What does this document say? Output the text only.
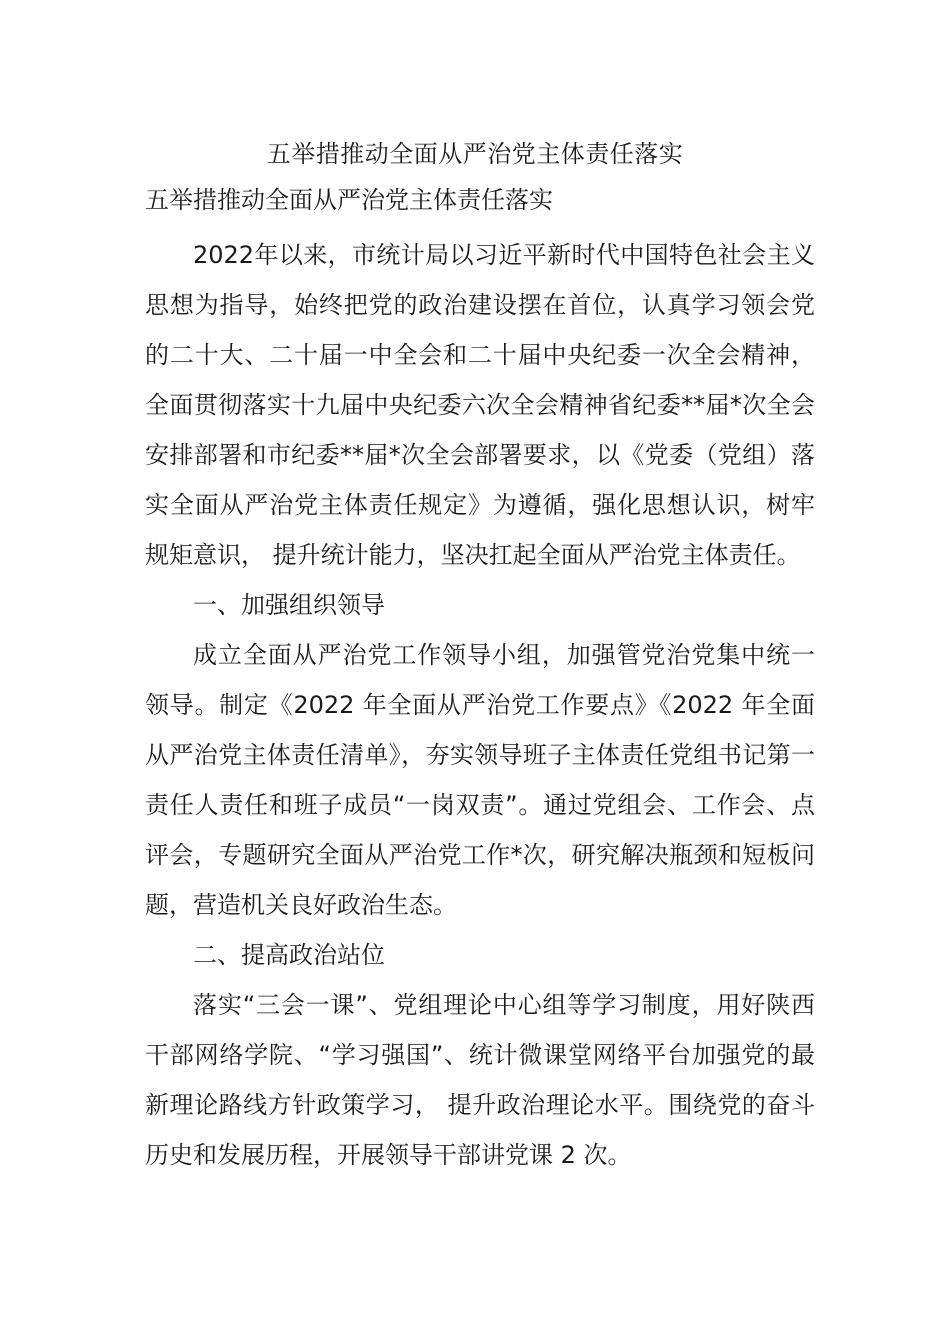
五举措推动全面从严治党主体责任落实
五举措推动全面从严治党主体责任落实

2022年以来，市统计局以习近平新时代中国特色社会主义思想为指导，始终把党的政治建设摆在首位，认真学习领会党的二十大、二十届一中全会和二十届中央纪委一次全会精神，全面贯彻落实十九届中央纪委六次全会精神省纪委**届*次全会安排部署和市纪委**届*次全会部署要求，以《党委（党组）落实全面从严治党主体责任规定》为遵循，强化思想认识，树牢规矩意识， 提升统计能力，坚决扛起全面从严治党主体责任。

一、加强组织领导

成立全面从严治党工作领导小组，加强管党治党集中统一领导。制定《2022 年全面从严治党工作要点》《2022 年全面从严治党主体责任清单》，夯实领导班子主体责任党组书记第一责任人责任和班子成员“一岗双责”。通过党组会、工作会、点评会，专题研究全面从严治党工作*次，研究解决瓶颈和短板问题，营造机关良好政治生态。

二、提高政治站位

落实“三会一课”、党组理论中心组等学习制度，用好陕西干部网络学院、“学习强国”、统计微课堂网络平台加强党的最新理论路线方针政策学习， 提升政治理论水平。围绕党的奋斗历史和发展历程，开展领导干部讲党课 2 次。
